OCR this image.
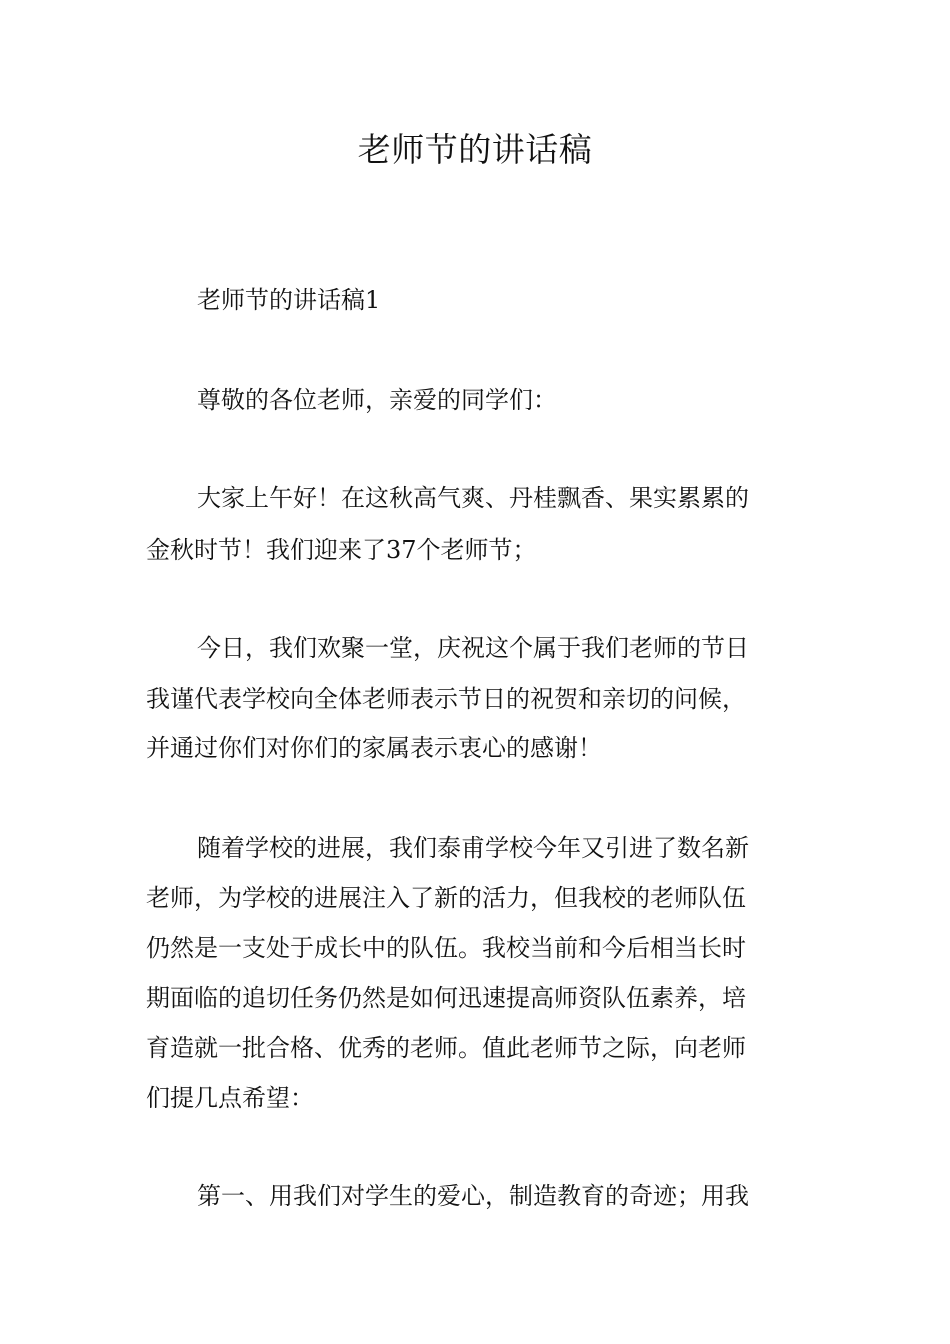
老师节的讲话稿

老师节的讲话稿1

尊敬的各位老师，亲爱的同学们：

大家上午好！在这秋高气爽、丹桂飘香、果实累累的

金秋时节！我们迎来了37个老师节；

今日，我们欢聚一堂，庆祝这个属于我们老师的节日

我谨代表学校向全体老师表示节日的祝贺和亲切的问候，

并通过你们对你们的家属表示衷心的感谢！

随着学校的进展，我们泰甫学校今年又引进了数名新

老师，为学校的进展注入了新的活力，但我校的老师队伍

仍然是一支处于成长中的队伍。我校当前和今后相当长时

期面临的追切任务仍然是如何迅速提高师资队伍素养，培

育造就一批合格、优秀的老师。值此老师节之际，向老师

们提几点希望：

第一、用我们对学生的爱心，制造教育的奇迹；用我
